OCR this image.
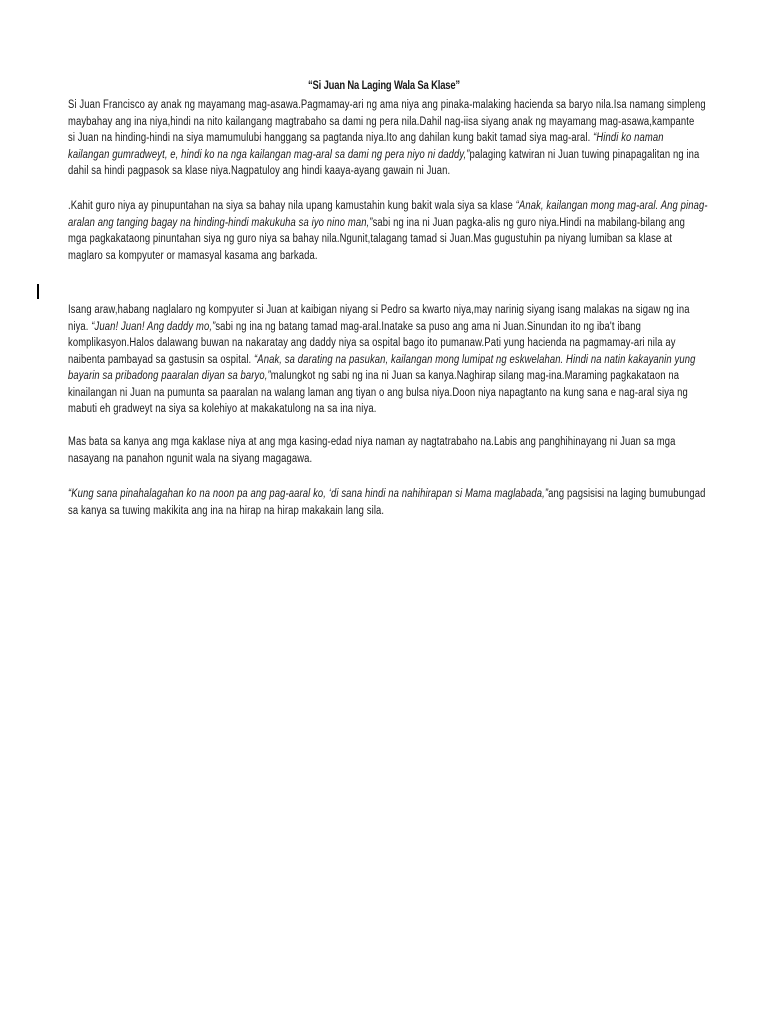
“Si Juan Na Laging Wala Sa Klase”
Si Juan Francisco ay anak ng mayamang mag-asawa.Pagmamay-ari ng ama niya ang pinaka-malaking hacienda sa baryo nila.Isa namang simpleng
maybahay ang ina niya,hindi na nito kailangang magtrabaho sa dami ng pera nila.Dahil nag-iisa siyang anak ng mayamang mag-asawa,kampante
si Juan na hinding-hindi na siya mamumulubi hanggang sa pagtanda niya.Ito ang dahilan kung bakit tamad siya mag-aral. “Hindi ko naman
kailangan gumradweyt, e, hindi ko na nga kailangan mag-aral sa dami ng pera niyo ni daddy,”palaging katwiran ni Juan tuwing pinapagalitan ng ina
dahil sa hindi pagpasok sa klase niya.Nagpatuloy ang hindi kaaya-ayang gawain ni Juan.
.Kahit guro niya ay pinupuntahan na siya sa bahay nila upang kamustahin kung bakit wala siya sa klase “Anak, kailangan mong mag-aral. Ang pinag-
aralan ang tanging bagay na hinding-hindi makukuha sa iyo nino man,”sabi ng ina ni Juan pagka-alis ng guro niya.Hindi na mabilang-bilang ang
mga pagkakataong pinuntahan siya ng guro niya sa bahay nila.Ngunit,talagang tamad si Juan.Mas gugustuhin pa niyang lumiban sa klase at
maglaro sa kompyuter or mamasyal kasama ang barkada.
Isang araw,habang naglalaro ng kompyuter si Juan at kaibigan niyang si Pedro sa kwarto niya,may narinig siyang isang malakas na sigaw ng ina
niya. “Juan! Juan! Ang daddy mo,”sabi ng ina ng batang tamad mag-aral.Inatake sa puso ang ama ni Juan.Sinundan ito ng iba't ibang
komplikasyon.Halos dalawang buwan na nakaratay ang daddy niya sa ospital bago ito pumanaw.Pati yung hacienda na pagmamay-ari nila ay
naibenta pambayad sa gastusin sa ospital. “Anak, sa darating na pasukan, kailangan mong lumipat ng eskwelahan. Hindi na natin kakayanin yung
bayarin sa pribadong paaralan diyan sa baryo,”malungkot ng sabi ng ina ni Juan sa kanya.Naghirap silang mag-ina.Maraming pagkakataon na
kinailangan ni Juan na pumunta sa paaralan na walang laman ang tiyan o ang bulsa niya.Doon niya napagtanto na kung sana e nag-aral siya ng
mabuti eh gradweyt na siya sa kolehiyo at makakatulong na sa ina niya.
Mas bata sa kanya ang mga kaklase niya at ang mga kasing-edad niya naman ay nagtatrabaho na.Labis ang panghihinayang ni Juan sa mga
nasayang na panahon ngunit wala na siyang magagawa.
“Kung sana pinahalagahan ko na noon pa ang pag-aaral ko, ‘di sana hindi na nahihirapan si Mama maglabada,”ang pagsisisi na laging bumubungad
sa kanya sa tuwing makikita ang ina na hirap na hirap makakain lang sila.
